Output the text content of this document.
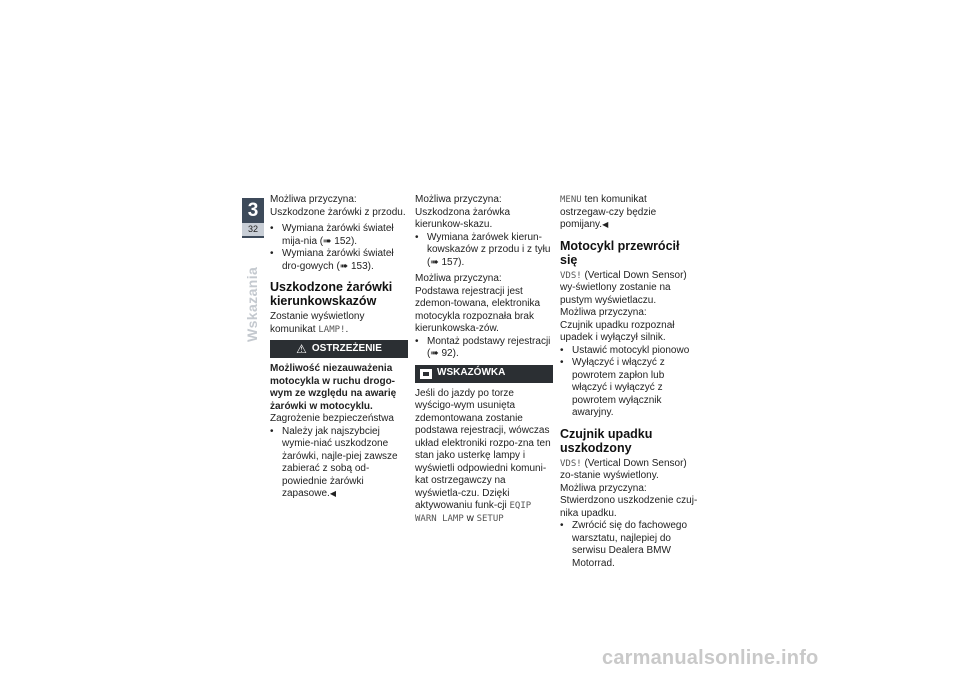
3
32
Wskazania

Możliwa przyczyna:

Uszkodzone żarówki z przodu.

• Wymiana żarówki świateł mija-nia (➠ 152).
• Wymiana żarówki świateł dro-gowych (➠ 153).
Uszkodzone żarówki kierunkowskazów

Zostanie wyświetlony komunikat LAMP!.

⚠ OSTRZEŻENIE

Możliwość niezauważenia motocykla w ruchu drogo-wym ze względu na awarię żarówki w motocyklu.

Zagrożenie bezpieczeństwa

• Należy jak najszybciej wymie-niać uszkodzone żarówki, najle-piej zawsze zabierać z sobą od-powiednie żarówki zapasowe.◀

Możliwa przyczyna:

Uszkodzona żarówka kierunkow-skazu.

• Wymiana żarówek kierun-kowskazów z przodu i z tyłu (➠ 157).

Możliwa przyczyna:

Podstawa rejestracji jest zdemon-towana, elektronika motocykla rozpoznała brak kierunkowska-zów.

• Montaż podstawy rejestracji (➠ 92).
WSKAZÓWKA

Jeśli do jazdy po torze wyścigo-wym usunięta zdemontowana zostanie podstawa rejestracji, wówczas układ elektroniki rozpo-zna ten stan jako usterkę lampy i wyświetli odpowiedni komuni-kat ostrzegawczy na wyświetla-czu. Dzięki aktywowaniu funk-cji EQIP WARN LAMP w SETUP

MENU ten komunikat ostrzegaw-czy będzie pomijany.◀

Motocykl przewrócił się

VDS! (Vertical Down Sensor) wy-świetlony zostanie na pustym wyświetlaczu.

Możliwa przyczyna:

Czujnik upadku rozpoznał upadek i wyłączył silnik.

• Ustawić motocykl pionowo
• Wyłączyć i włączyć z powrotem zapłon lub włączyć i wyłączyć z powrotem wyłącznik awaryjny.
Czujnik upadku uszkodzony

VDS! (Vertical Down Sensor) zo-stanie wyświetlony.

Możliwa przyczyna:

Stwierdzono uszkodzenie czuj-nika upadku.

• Zwrócić się do fachowego warsztatu, najlepiej do serwisu Dealera BMW Motorrad.
carmanualsonline.info
